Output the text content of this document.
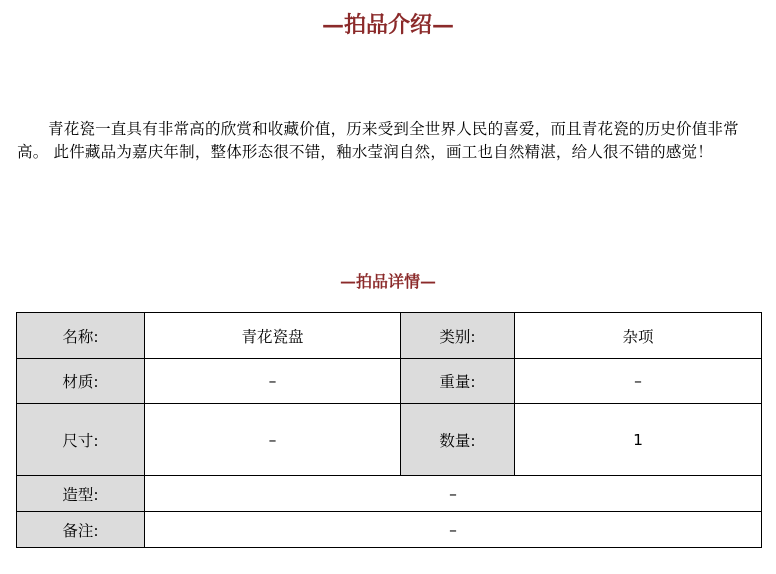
—拍品介绍—

青花瓷一直具有非常高的欣赏和收藏价值，历来受到全世界人民的喜爱，而且青花瓷的历史价值非常高。 此件藏品为嘉庆年制，整体形态很不错，釉水莹润自然，画工也自然精湛，给人很不错的感觉！

—拍品详情—
名称:	青花瓷盘	类别:	杂项
材质:	–	重量:	–
尺寸:	–	数量:	1
造型:	–		
备注:	–		
